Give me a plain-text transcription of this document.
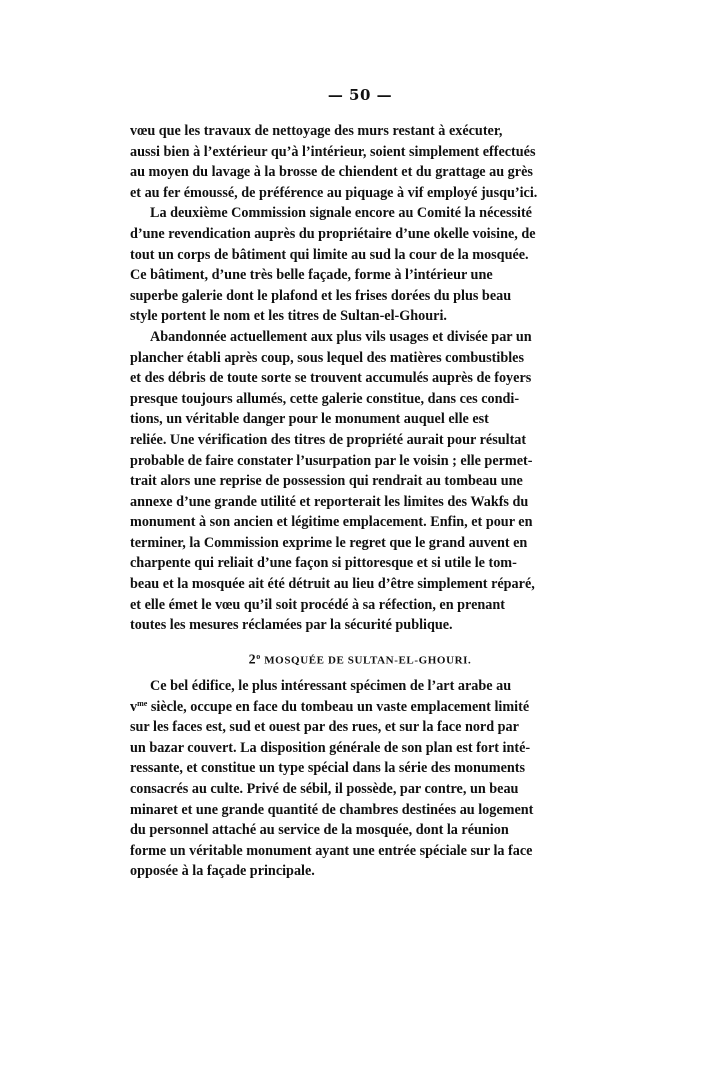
— 50 —
vœu que les travaux de nettoyage des murs restant à exécuter,
aussi bien à l’extérieur qu’à l’intérieur, soient simplement effectués
au moyen du lavage à la brosse de chiendent et du grattage au grès
et au fer émoussé, de préférence au piquage à vif employé jusqu’ici.
La deuxième Commission signale encore au Comité la nécessité
d’une revendication auprès du propriétaire d’une okelle voisine, de
tout un corps de bâtiment qui limite au sud la cour de la mosquée.
Ce bâtiment, d’une très belle façade, forme à l’intérieur une
superbe galerie dont le plafond et les frises dorées du plus beau
style portent le nom et les titres de Sultan-el-Ghouri.
Abandonnée actuellement aux plus vils usages et divisée par un
plancher établi après coup, sous lequel des matières combustibles
et des débris de toute sorte se trouvent accumulés auprès de foyers
presque toujours allumés, cette galerie constitue, dans ces condi-
tions, un véritable danger pour le monument auquel elle est
reliée. Une vérification des titres de propriété aurait pour résultat
probable de faire constater l’usurpation par le voisin ; elle permet-
trait alors une reprise de possession qui rendrait au tombeau une
annexe d’une grande utilité et reporterait les limites des Wakfs du
monument à son ancien et légitime emplacement. Enfin, et pour en
terminer, la Commission exprime le regret que le grand auvent en
charpente qui reliait d’une façon si pittoresque et si utile le tom-
beau et la mosquée ait été détruit au lieu d’être simplement réparé,
et elle émet le vœu qu’il soit procédé à sa réfection, en prenant
toutes les mesures réclamées par la sécurité publique.
2$^o$ MOSQUÉE DE SULTAN-EL-GHOURI.
Ce bel édifice, le plus intéressant spécimen de l’art arabe au
$v^{me}$ siècle, occupe en face du tombeau un vaste emplacement limité
sur les faces est, sud et ouest par des rues, et sur la face nord par
un bazar couvert. La disposition générale de son plan est fort inté-
ressante, et constitue un type spécial dans la série des monuments
consacrés au culte. Privé de sébil, il possède, par contre, un beau
minaret et une grande quantité de chambres destinées au logement
du personnel attaché au service de la mosquée, dont la réunion
forme un véritable monument ayant une entrée spéciale sur la face
opposée à la façade principale.
